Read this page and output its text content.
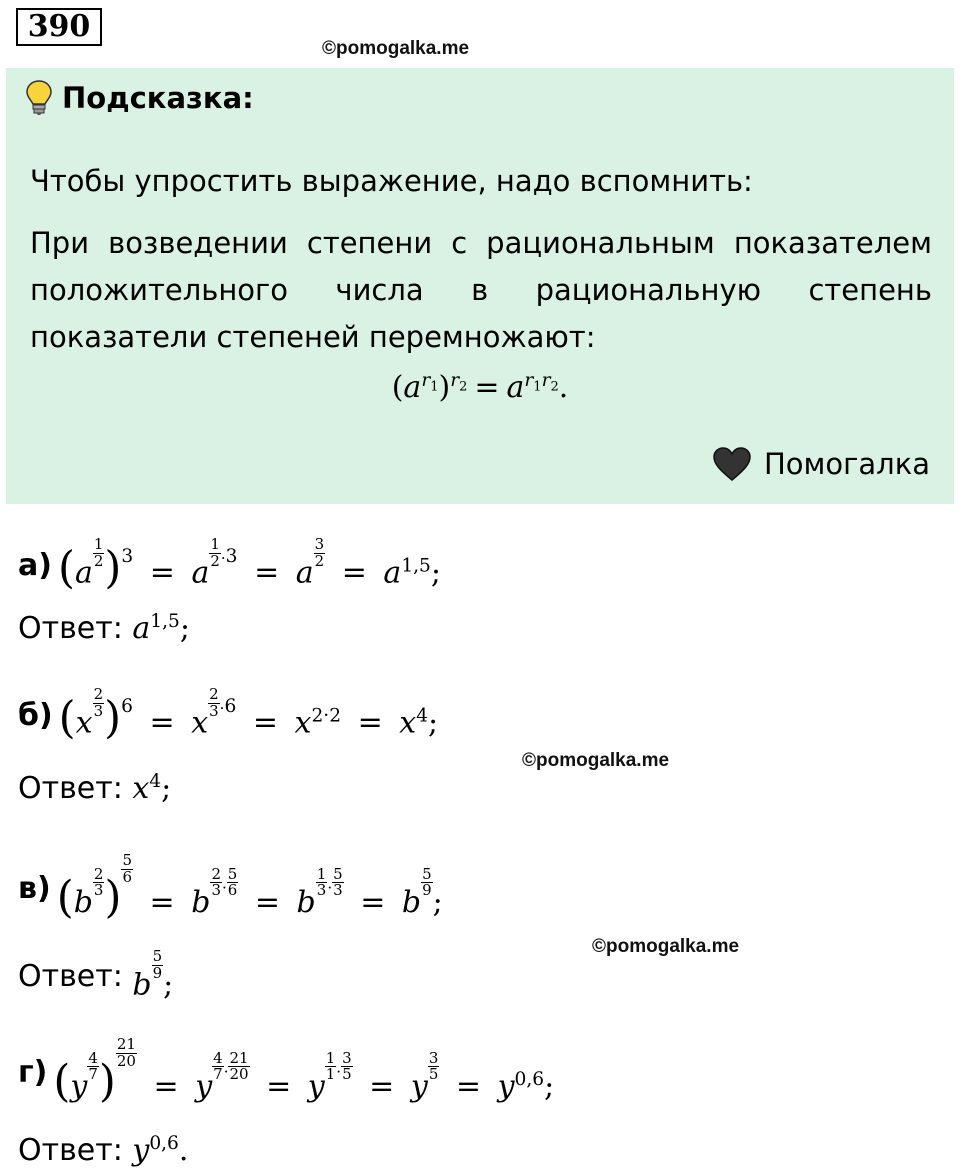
390
©pomogalka.me
Подсказка:
Чтобы упростить выражение, надо вспомнить:
При возведении степени с рациональным показателем положительного числа в рациональную степень показатели степеней перемножают:
$(a^{r_1})^{r_2} = a^{r_1r_2}$.
Помогалка
а) (a
$\frac{1}{2} )^3 = a$
$\frac{1}{2} ^{\cdot 3} = a$
$\frac{3}{2}$
= $a^{1,5}$;
Ответ:
$a^{1,5}$;
б) (x
$\frac{2}{3} )^6 = x$
$\frac{2}{3} ^{\cdot 6} = x^{2\cdot 2} = x^4$;
©pomogalka.me
Ответ:
$x^4$;
в) (b
$\frac{2}{3}$ )
$\frac{5}{6}$
= b
$\frac{2}{3} ^\cdot \frac{5}{6}$
= b
$\frac{1}{3} ^\cdot \frac{5}{3}$
= b
$\frac{5}{9}$
;
©pomogalka.me
Ответ:
b
$\frac{5}{9}$
;
г) (y
$\frac{4}{7}$ )
$\frac{21}{20}$
= y
$\frac{4}{7} ^\cdot \frac{21}{20}$
= y
$\frac{1}{1} ^\cdot \frac{3}{5}$
= y
$\frac{3}{5}$
= $y^{0,6}$;
Ответ:
$y^{0,6}$.
